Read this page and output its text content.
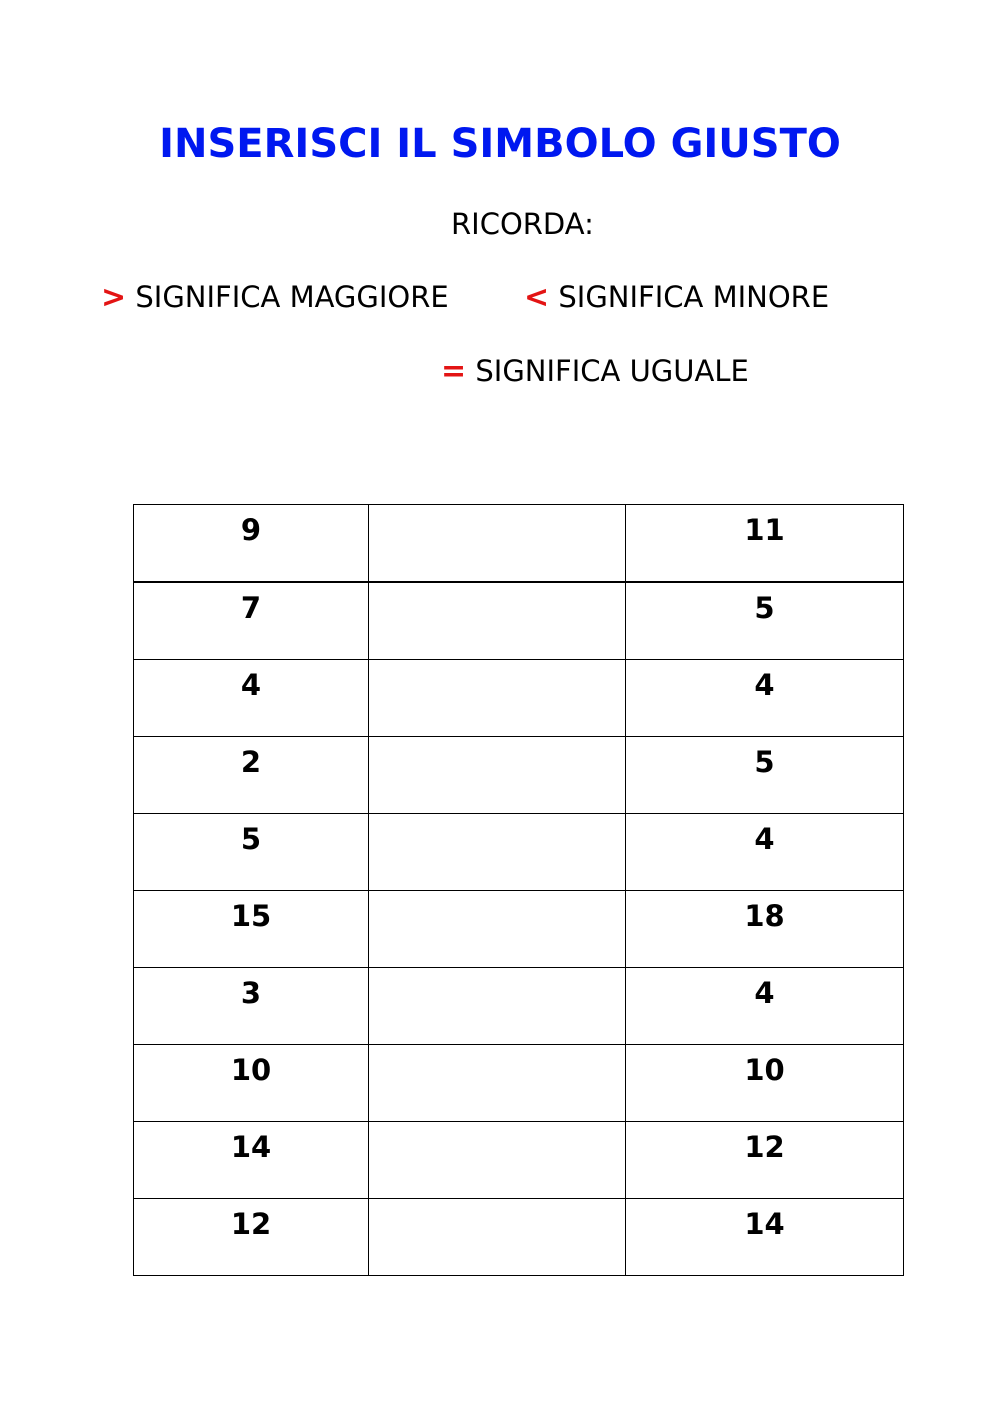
INSERISCI IL SIMBOLO GIUSTO
RICORDA:
> SIGNIFICA MAGGIORE	< SIGNIFICA MINORE
= SIGNIFICA UGUALE
9		11

7		5

4		4

2		5

5		4

15		18

3		4

10		10

14		12

12		14
